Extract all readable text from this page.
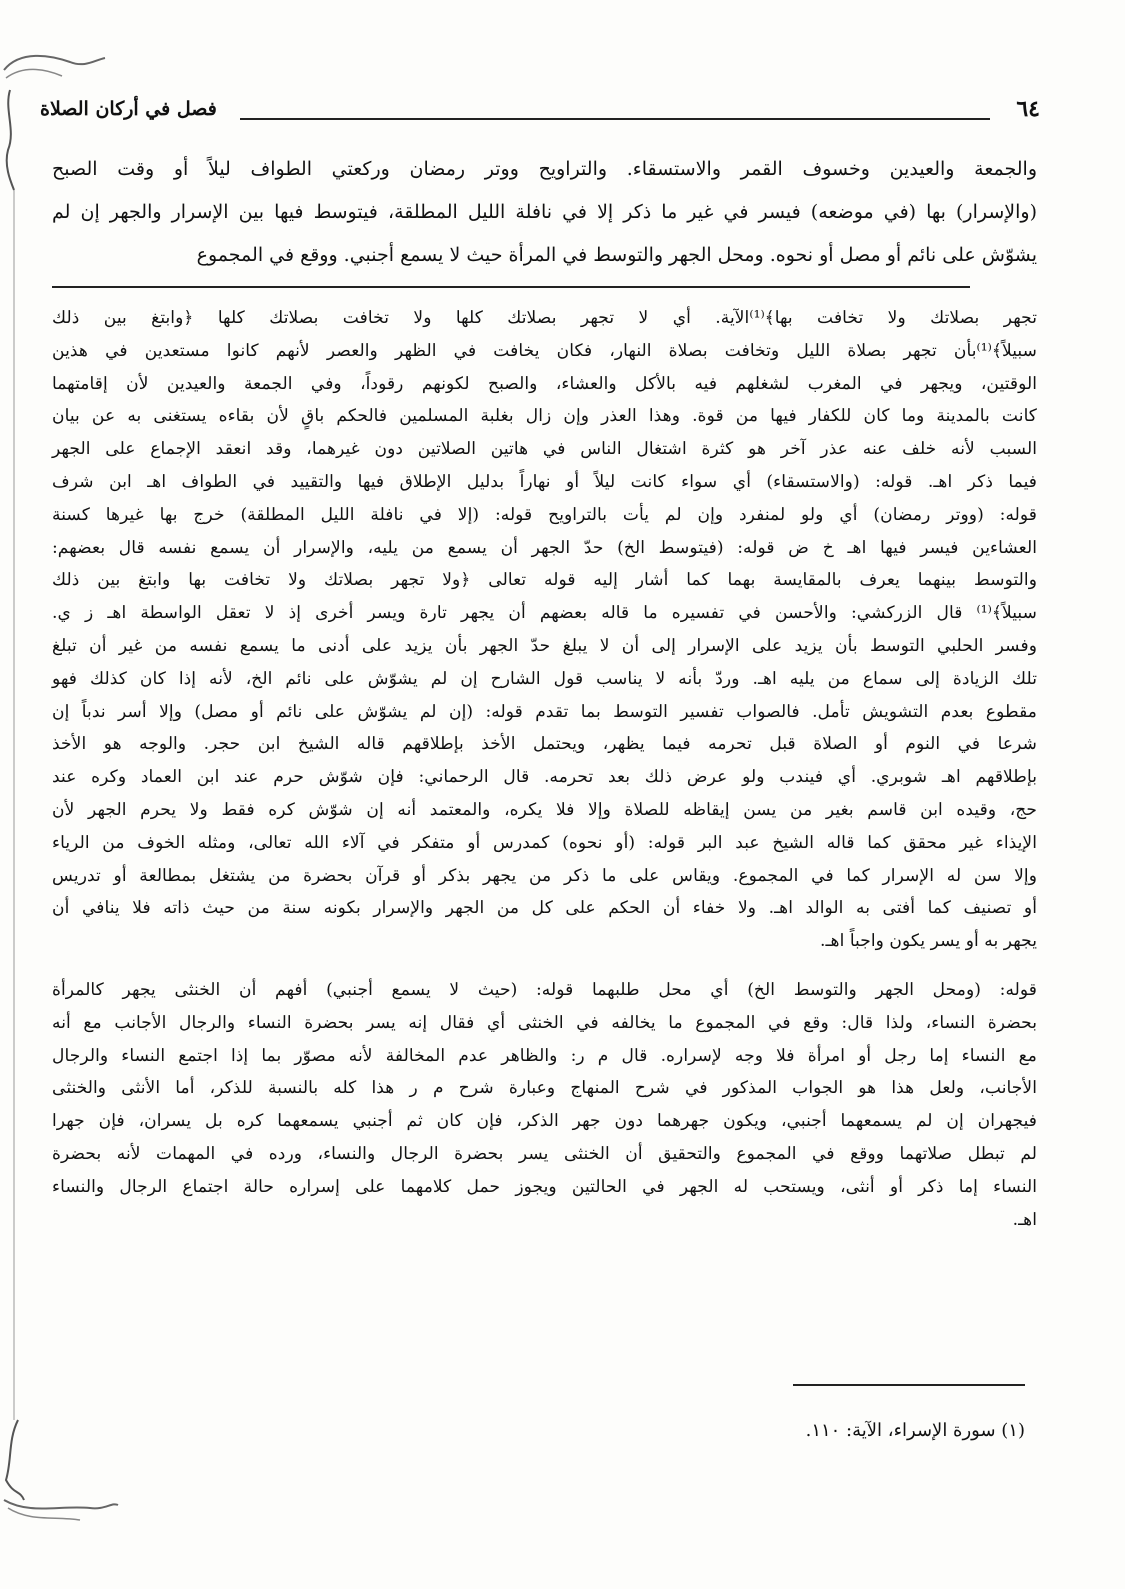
٦٤
فصل في أركان الصلاة

والجمعة والعيدين وخسوف القمر والاستسقاء. والتراويح ووتر رمضان وركعتي الطواف ليلاً أو وقت الصبح

(والإسرار) بها (في موضعه) فيسر في غير ما ذكر إلا في نافلة الليل المطلقة، فيتوسط فيها بين الإسرار والجهر إن لم

يشوّش على نائم أو مصل أو نحوه. ومحل الجهر والتوسط في المرأة حيث لا يسمع أجنبي. ووقع في المجموع

تجهر بصلاتك ولا تخافت بها﴾⁽¹⁾الآية. أي لا تجهر بصلاتك كلها ولا تخافت بصلاتك كلها ﴿وابتغ بين ذلك

سبيلاً﴾⁽¹⁾بأن تجهر بصلاة الليل وتخافت بصلاة النهار، فكان يخافت في الظهر والعصر لأنهم كانوا مستعدين في هذين

الوقتين، ويجهر في المغرب لشغلهم فيه بالأكل والعشاء، والصبح لكونهم رقوداً، وفي الجمعة والعيدين لأن إقامتهما

كانت بالمدينة وما كان للكفار فيها من قوة. وهذا العذر وإن زال بغلبة المسلمين فالحكم باقٍ لأن بقاءه يستغنى به عن بيان

السبب لأنه خلف عنه عذر آخر هو كثرة اشتغال الناس في هاتين الصلاتين دون غيرهما، وقد انعقد الإجماع على الجهر

فيما ذكر اهـ. قوله: (والاستسقاء) أي سواء كانت ليلاً أو نهاراً بدليل الإطلاق فيها والتقييد في الطواف اهـ ابن شرف

قوله: (ووتر رمضان) أي ولو لمنفرد وإن لم يأت بالتراويح قوله: (إلا في نافلة الليل المطلقة) خرج بها غيرها كسنة

العشاءين فيسر فيها اهـ خ ض قوله: (فيتوسط الخ) حدّ الجهر أن يسمع من يليه، والإسرار أن يسمع نفسه قال بعضهم:

والتوسط بينهما يعرف بالمقايسة بهما كما أشار إليه قوله تعالى ﴿ولا تجهر بصلاتك ولا تخافت بها وابتغ بين ذلك

سبيلاً﴾⁽¹⁾ قال الزركشي: والأحسن في تفسيره ما قاله بعضهم أن يجهر تارة ويسر أخرى إذ لا تعقل الواسطة اهـ ز ي.

وفسر الحلبي التوسط بأن يزيد على الإسرار إلى أن لا يبلغ حدّ الجهر بأن يزيد على أدنى ما يسمع نفسه من غير أن تبلغ

تلك الزيادة إلى سماع من يليه اهـ. وردّ بأنه لا يناسب قول الشارح إن لم يشوّش على نائم الخ، لأنه إذا كان كذلك فهو

مقطوع بعدم التشويش تأمل. فالصواب تفسير التوسط بما تقدم قوله: (إن لم يشوّش على نائم أو مصل) وإلا أسر ندباً إن

شرعا في النوم أو الصلاة قبل تحرمه فيما يظهر، ويحتمل الأخذ بإطلاقهم قاله الشيخ ابن حجر. والوجه هو الأخذ

بإطلاقهم اهـ شوبري. أي فيندب ولو عرض ذلك بعد تحرمه. قال الرحماني: فإن شوّش حرم عند ابن العماد وكره عند

حج، وقيده ابن قاسم بغير من يسن إيقاظه للصلاة وإلا فلا يكره، والمعتمد أنه إن شوّش كره فقط ولا يحرم الجهر لأن

الإيذاء غير محقق كما قاله الشيخ عبد البر قوله: (أو نحوه) كمدرس أو متفكر في آلاء الله تعالى، ومثله الخوف من الرياء

وإلا سن له الإسرار كما في المجموع. ويقاس على ما ذكر من يجهر بذكر أو قرآن بحضرة من يشتغل بمطالعة أو تدريس

أو تصنيف كما أفتى به الوالد اهـ. ولا خفاء أن الحكم على كل من الجهر والإسرار بكونه سنة من حيث ذاته فلا ينافي أن

يجهر به أو يسر يكون واجباً اهـ.

قوله: (ومحل الجهر والتوسط الخ) أي محل طلبهما قوله: (حيث لا يسمع أجنبي) أفهم أن الخنثى يجهر كالمرأة

بحضرة النساء، ولذا قال: وقع في المجموع ما يخالفه في الخنثى أي فقال إنه يسر بحضرة النساء والرجال الأجانب مع أنه

مع النساء إما رجل أو امرأة فلا وجه لإسراره. قال م ر: والظاهر عدم المخالفة لأنه مصوّر بما إذا اجتمع النساء والرجال

الأجانب، ولعل هذا هو الجواب المذكور في شرح المنهاج وعبارة شرح م ر هذا كله بالنسبة للذكر، أما الأنثى والخنثى

فيجهران إن لم يسمعهما أجنبي، ويكون جهرهما دون جهر الذكر، فإن كان ثم أجنبي يسمعهما كره بل يسران، فإن جهرا

لم تبطل صلاتهما ووقع في المجموع والتحقيق أن الخنثى يسر بحضرة الرجال والنساء، ورده في المهمات لأنه بحضرة

النساء إما ذكر أو أنثى، ويستحب له الجهر في الحالتين ويجوز حمل كلامهما على إسراره حالة اجتماع الرجال والنساء

اهـ.

(١) سورة الإسراء، الآية: ١١٠.
